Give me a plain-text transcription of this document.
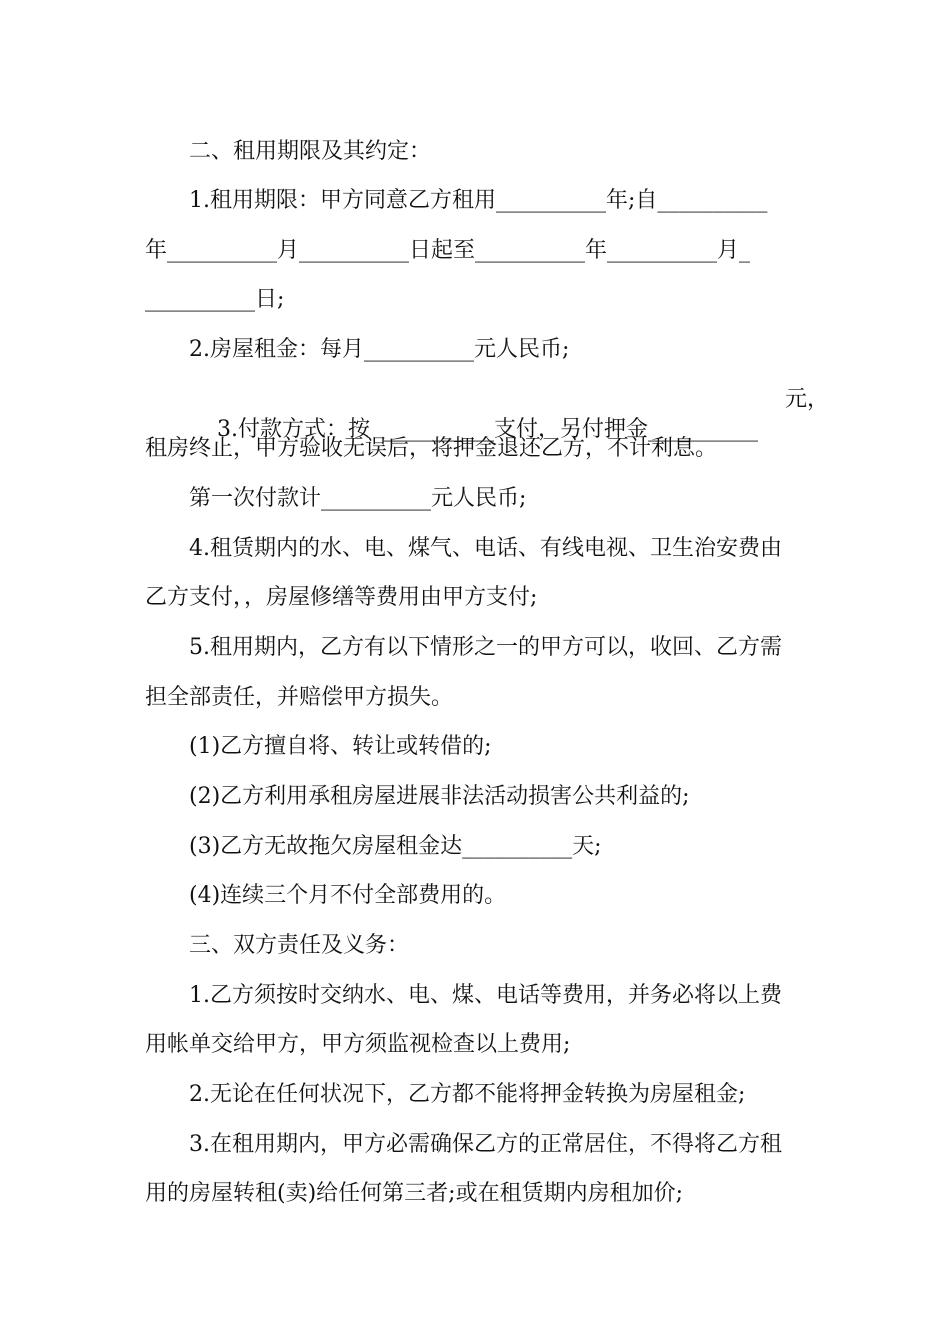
二、租用期限及其约定：
1.租用期限：甲方同意乙方租用__________年;自__________
年__________月__________日起至__________年__________月_
__________日;
2.房屋租金：每月__________元人民币;

3.付款方式：按  __________支付，另付押金__________

元，
租房终止，甲方验收无误后，将押金退还乙方，不计利息。
第一次付款计__________元人民币;
4.租赁期内的水、电、煤气、电话、有线电视、卫生治安费由
乙方支付，，房屋修缮等费用由甲方支付;
5.租用期内，乙方有以下情形之一的甲方可以，收回、乙方需
担全部责任，并赔偿甲方损失。
(1)乙方擅自将、转让或转借的;
(2)乙方利用承租房屋进展非法活动损害公共利益的;
(3)乙方无故拖欠房屋租金达__________天;
(4)连续三个月不付全部费用的。
三、双方责任及义务：
1.乙方须按时交纳水、电、煤、电话等费用，并务必将以上费
用帐单交给甲方，甲方须监视检查以上费用;
2.无论在任何状况下，乙方都不能将押金转换为房屋租金;
3.在租用期内，甲方必需确保乙方的正常居住，不得将乙方租
用的房屋转租(卖)给任何第三者;或在租赁期内房租加价;
